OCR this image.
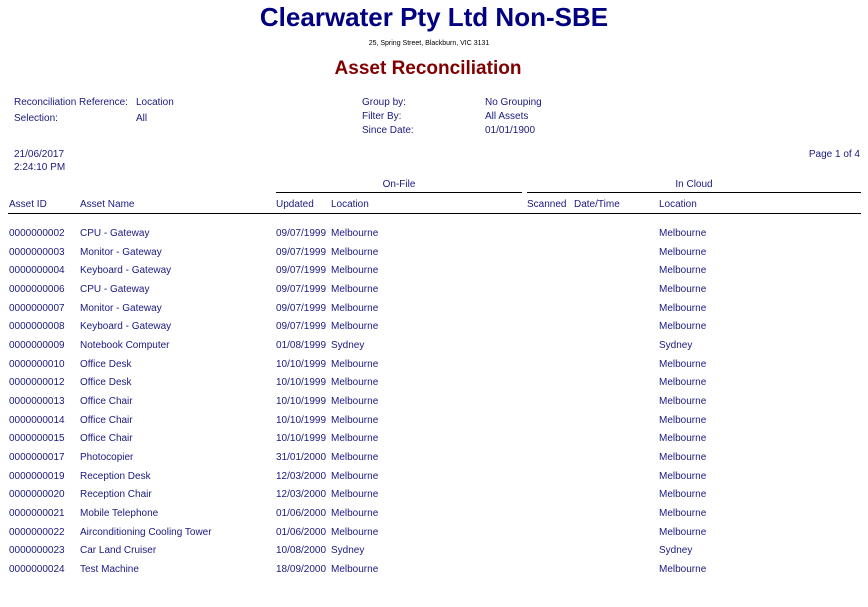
Clearwater Pty Ltd Non-SBE
25, Spring Street, Blackburn, VIC 3131
Asset Reconciliation
Reconciliation Reference: Location
Selection:	All
Group by:	No Grouping
Filter By:	All Assets
Since Date:	01/01/1900
21/06/2017
2:24:10 PM
Page 1 of 4
On-File	In Cloud
Asset ID	Asset Name	Updated Location	Scanned Date/Time	Location
0000000002 CPU - Gateway	09/07/1999 Melbourne	Melbourne
0000000003 Monitor - Gateway	09/07/1999 Melbourne	Melbourne
0000000004 Keyboard - Gateway	09/07/1999 Melbourne	Melbourne
0000000006 CPU - Gateway	09/07/1999 Melbourne	Melbourne
0000000007 Monitor - Gateway	09/07/1999 Melbourne	Melbourne
0000000008 Keyboard - Gateway	09/07/1999 Melbourne	Melbourne
0000000009 Notebook Computer	01/08/1999 Sydney	Sydney
0000000010 Office Desk	10/10/1999 Melbourne	Melbourne
0000000012 Office Desk	10/10/1999 Melbourne	Melbourne
0000000013 Office Chair	10/10/1999 Melbourne	Melbourne
0000000014 Office Chair	10/10/1999 Melbourne	Melbourne
0000000015 Office Chair	10/10/1999 Melbourne	Melbourne
0000000017 Photocopier	31/01/2000 Melbourne	Melbourne
0000000019 Reception Desk	12/03/2000 Melbourne	Melbourne
0000000020 Reception Chair	12/03/2000 Melbourne	Melbourne
0000000021 Mobile Telephone	01/06/2000 Melbourne	Melbourne
0000000022 Airconditioning Cooling Tower	01/06/2000 Melbourne	Melbourne
0000000023 Car Land Cruiser	10/08/2000 Sydney	Sydney
0000000024 Test Machine	18/09/2000 Melbourne	Melbourne
